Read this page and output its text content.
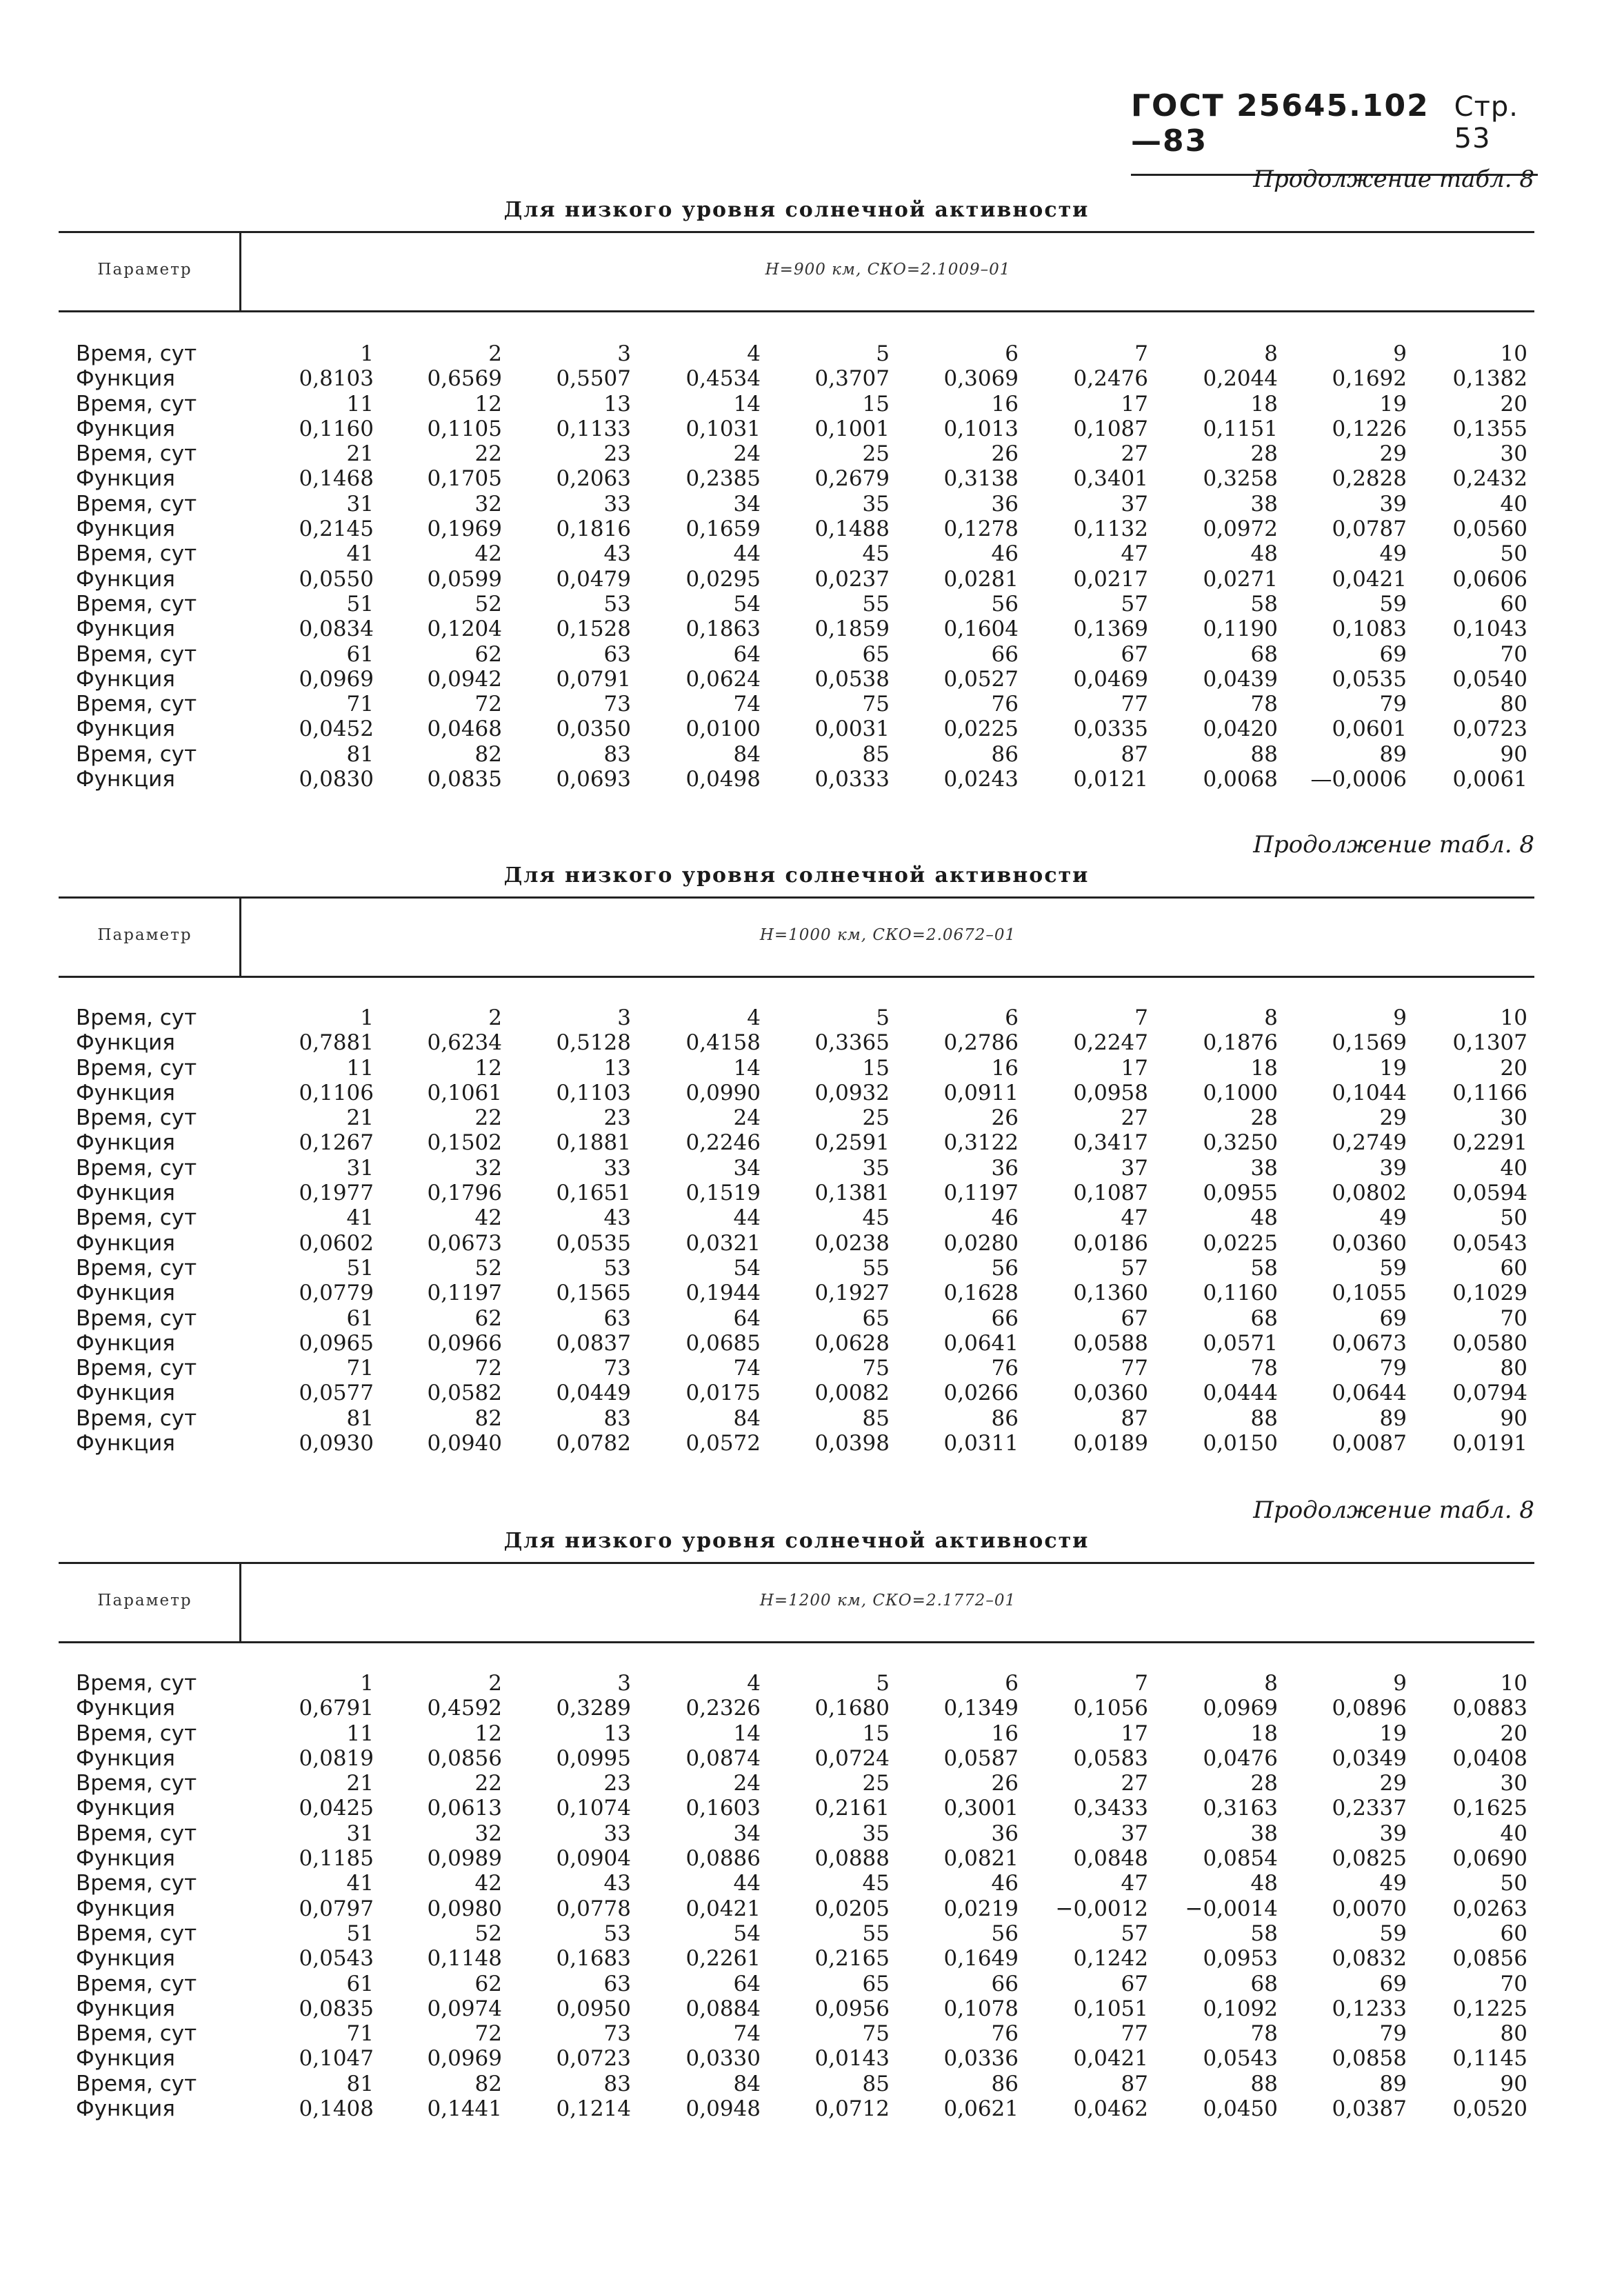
ГОСТ 25645.102—83
Стр. 53
Продолжение табл. 8
Для низкого уровня солнечной активности
Параметр	H=900 км, СКО=2.1009–01
Время, сут	1	2	3	4	5	6	7	8	9	10
Функция	0,8103	0,6569	0,5507	0,4534	0,3707	0,3069	0,2476	0,2044	0,1692	0,1382
Время, сут	11	12	13	14	15	16	17	18	19	20
Функция	0,1160	0,1105	0,1133	0,1031	0,1001	0,1013	0,1087	0,1151	0,1226	0,1355
Время, сут	21	22	23	24	25	26	27	28	29	30
Функция	0,1468	0,1705	0,2063	0,2385	0,2679	0,3138	0,3401	0,3258	0,2828	0,2432
Время, сут	31	32	33	34	35	36	37	38	39	40
Функция	0,2145	0,1969	0,1816	0,1659	0,1488	0,1278	0,1132	0,0972	0,0787	0,0560
Время, сут	41	42	43	44	45	46	47	48	49	50
Функция	0,0550	0,0599	0,0479	0,0295	0,0237	0,0281	0,0217	0,0271	0,0421	0,0606
Время, сут	51	52	53	54	55	56	57	58	59	60
Функция	0,0834	0,1204	0,1528	0,1863	0,1859	0,1604	0,1369	0,1190	0,1083	0,1043
Время, сут	61	62	63	64	65	66	67	68	69	70
Функция	0,0969	0,0942	0,0791	0,0624	0,0538	0,0527	0,0469	0,0439	0,0535	0,0540
Время, сут	71	72	73	74	75	76	77	78	79	80
Функция	0,0452	0,0468	0,0350	0,0100	0,0031	0,0225	0,0335	0,0420	0,0601	0,0723
Время, сут	81	82	83	84	85	86	87	88	89	90
Функция	0,0830	0,0835	0,0693	0,0498	0,0333	0,0243	0,0121	0,0068	—0,0006	0,0061
Продолжение табл. 8
Для низкого уровня солнечной активности
Параметр	H=1000 км, СКО=2.0672–01
Время, сут	1	2	3	4	5	6	7	8	9	10
Функция	0,7881	0,6234	0,5128	0,4158	0,3365	0,2786	0,2247	0,1876	0,1569	0,1307
Время, сут	11	12	13	14	15	16	17	18	19	20
Функция	0,1106	0,1061	0,1103	0,0990	0,0932	0,0911	0,0958	0,1000	0,1044	0,1166
Время, сут	21	22	23	24	25	26	27	28	29	30
Функция	0,1267	0,1502	0,1881	0,2246	0,2591	0,3122	0,3417	0,3250	0,2749	0,2291
Время, сут	31	32	33	34	35	36	37	38	39	40
Функция	0,1977	0,1796	0,1651	0,1519	0,1381	0,1197	0,1087	0,0955	0,0802	0,0594
Время, сут	41	42	43	44	45	46	47	48	49	50
Функция	0,0602	0,0673	0,0535	0,0321	0,0238	0,0280	0,0186	0,0225	0,0360	0,0543
Время, сут	51	52	53	54	55	56	57	58	59	60
Функция	0,0779	0,1197	0,1565	0,1944	0,1927	0,1628	0,1360	0,1160	0,1055	0,1029
Время, сут	61	62	63	64	65	66	67	68	69	70
Функция	0,0965	0,0966	0,0837	0,0685	0,0628	0,0641	0,0588	0,0571	0,0673	0,0580
Время, сут	71	72	73	74	75	76	77	78	79	80
Функция	0,0577	0,0582	0,0449	0,0175	0,0082	0,0266	0,0360	0,0444	0,0644	0,0794
Время, сут	81	82	83	84	85	86	87	88	89	90
Функция	0,0930	0,0940	0,0782	0,0572	0,0398	0,0311	0,0189	0,0150	0,0087	0,0191
Продолжение табл. 8
Для низкого уровня солнечной активности
Параметр	H=1200 км, СКО=2.1772–01
Время, сут	1	2	3	4	5	6	7	8	9	10
Функция	0,6791	0,4592	0,3289	0,2326	0,1680	0,1349	0,1056	0,0969	0,0896	0,0883
Время, сут	11	12	13	14	15	16	17	18	19	20
Функция	0,0819	0,0856	0,0995	0,0874	0,0724	0,0587	0,0583	0,0476	0,0349	0,0408
Время, сут	21	22	23	24	25	26	27	28	29	30
Функция	0,0425	0,0613	0,1074	0,1603	0,2161	0,3001	0,3433	0,3163	0,2337	0,1625
Время, сут	31	32	33	34	35	36	37	38	39	40
Функция	0,1185	0,0989	0,0904	0,0886	0,0888	0,0821	0,0848	0,0854	0,0825	0,0690
Время, сут	41	42	43	44	45	46	47	48	49	50
Функция	0,0797	0,0980	0,0778	0,0421	0,0205	0,0219	−0,0012	−0,0014	0,0070	0,0263
Время, сут	51	52	53	54	55	56	57	58	59	60
Функция	0,0543	0,1148	0,1683	0,2261	0,2165	0,1649	0,1242	0,0953	0,0832	0,0856
Время, сут	61	62	63	64	65	66	67	68	69	70
Функция	0,0835	0,0974	0,0950	0,0884	0,0956	0,1078	0,1051	0,1092	0,1233	0,1225
Время, сут	71	72	73	74	75	76	77	78	79	80
Функция	0,1047	0,0969	0,0723	0,0330	0,0143	0,0336	0,0421	0,0543	0,0858	0,1145
Время, сут	81	82	83	84	85	86	87	88	89	90
Функция	0,1408	0,1441	0,1214	0,0948	0,0712	0,0621	0,0462	0,0450	0,0387	0,0520
